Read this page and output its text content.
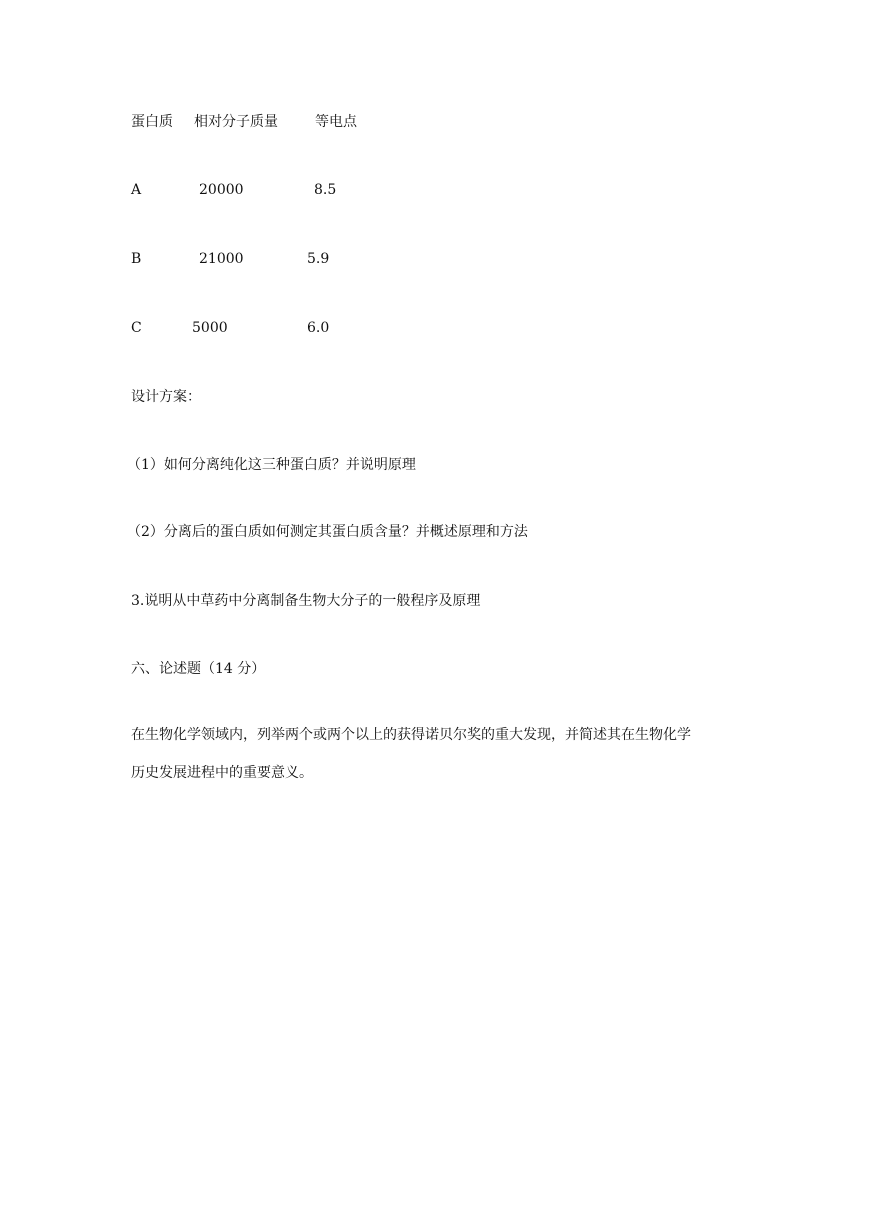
蛋白质 相对分子质量	等电点
A	20000	8.5
B	21000	5.9
C	5000	6.0
设计方案：
（1）如何分离纯化这三种蛋白质？并说明原理
（2）分离后的蛋白质如何测定其蛋白质含量？并概述原理和方法
3.说明从中草药中分离制备生物大分子的一般程序及原理
六、论述题（14 分）
在生物化学领域内，列举两个或两个以上的获得诺贝尔奖的重大发现，并简述其在生物化学
历史发展进程中的重要意义。
